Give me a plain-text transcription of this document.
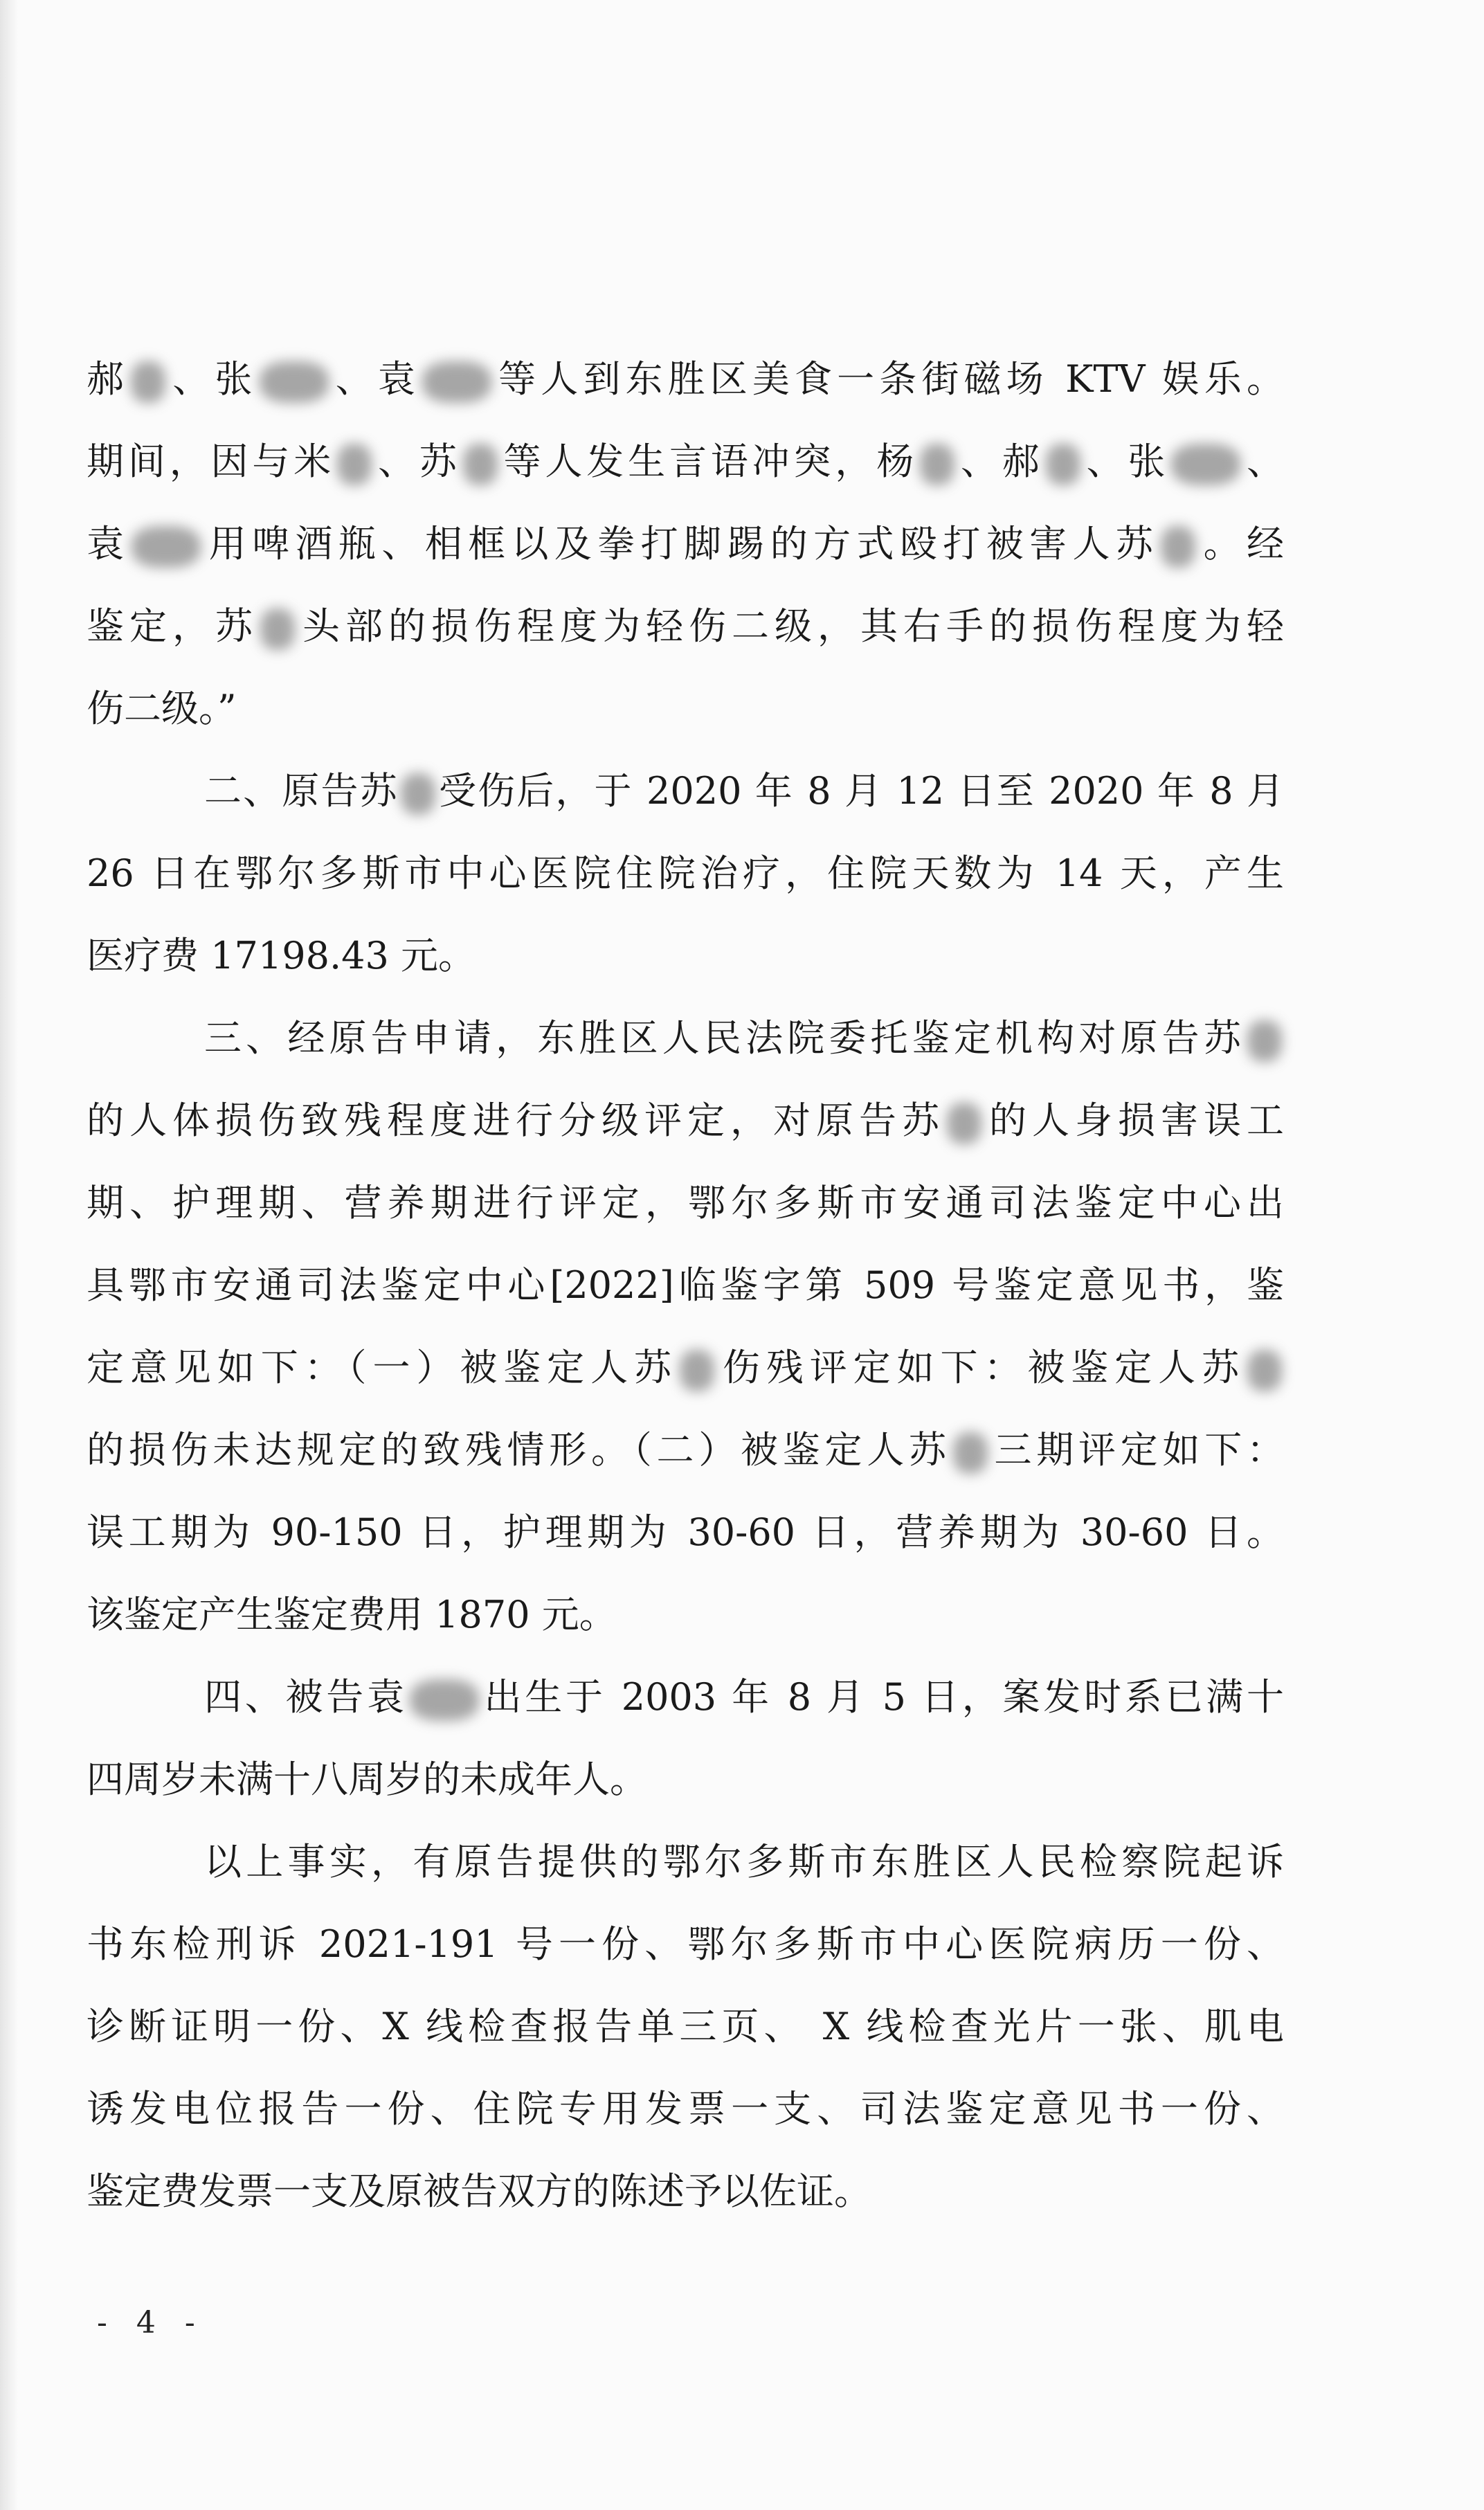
郝 、张 、袁 等人到东胜区美食一条街磁场 KTV 娱乐。
期间，因与米 、苏 等人发生言语冲突，杨 、郝 、张 、
袁 用啤酒瓶、相框以及拳打脚踢的方式殴打被害人苏 。经
鉴定，苏 头部的损伤程度为轻伤二级，其右手的损伤程度为轻
伤二级。”
二、原告苏 受伤后，于 2020 年 8 月 12 日至 2020 年 8 月
26 日在鄂尔多斯市中心医院住院治疗，住院天数为 14 天，产生
医疗费 17198.43 元。
三、经原告申请，东胜区人民法院委托鉴定机构对原告苏
的人体损伤致残程度进行分级评定，对原告苏 的人身损害误工
期、护理期、营养期进行评定，鄂尔多斯市安通司法鉴定中心出
具鄂市安通司法鉴定中心[2022]临鉴字第 509 号鉴定意见书，鉴
定意见如下：（一）被鉴定人苏 伤残评定如下：被鉴定人苏
的损伤未达规定的致残情形。（二）被鉴定人苏 三期评定如下：
误工期为 90-150 日，护理期为 30-60 日，营养期为 30-60 日。
该鉴定产生鉴定费用 1870 元。
四、被告袁 出生于 2003 年 8 月 5 日，案发时系已满十
四周岁未满十八周岁的未成年人。
以上事实，有原告提供的鄂尔多斯市东胜区人民检察院起诉
书东检刑诉 2021-191 号一份、鄂尔多斯市中心医院病历一份、
诊断证明一份、X 线检查报告单三页、 X 线检查光片一张、肌电
诱发电位报告一份、住院专用发票一支、司法鉴定意见书一份、
鉴定费发票一支及原被告双方的陈述予以佐证。
- 4 -
